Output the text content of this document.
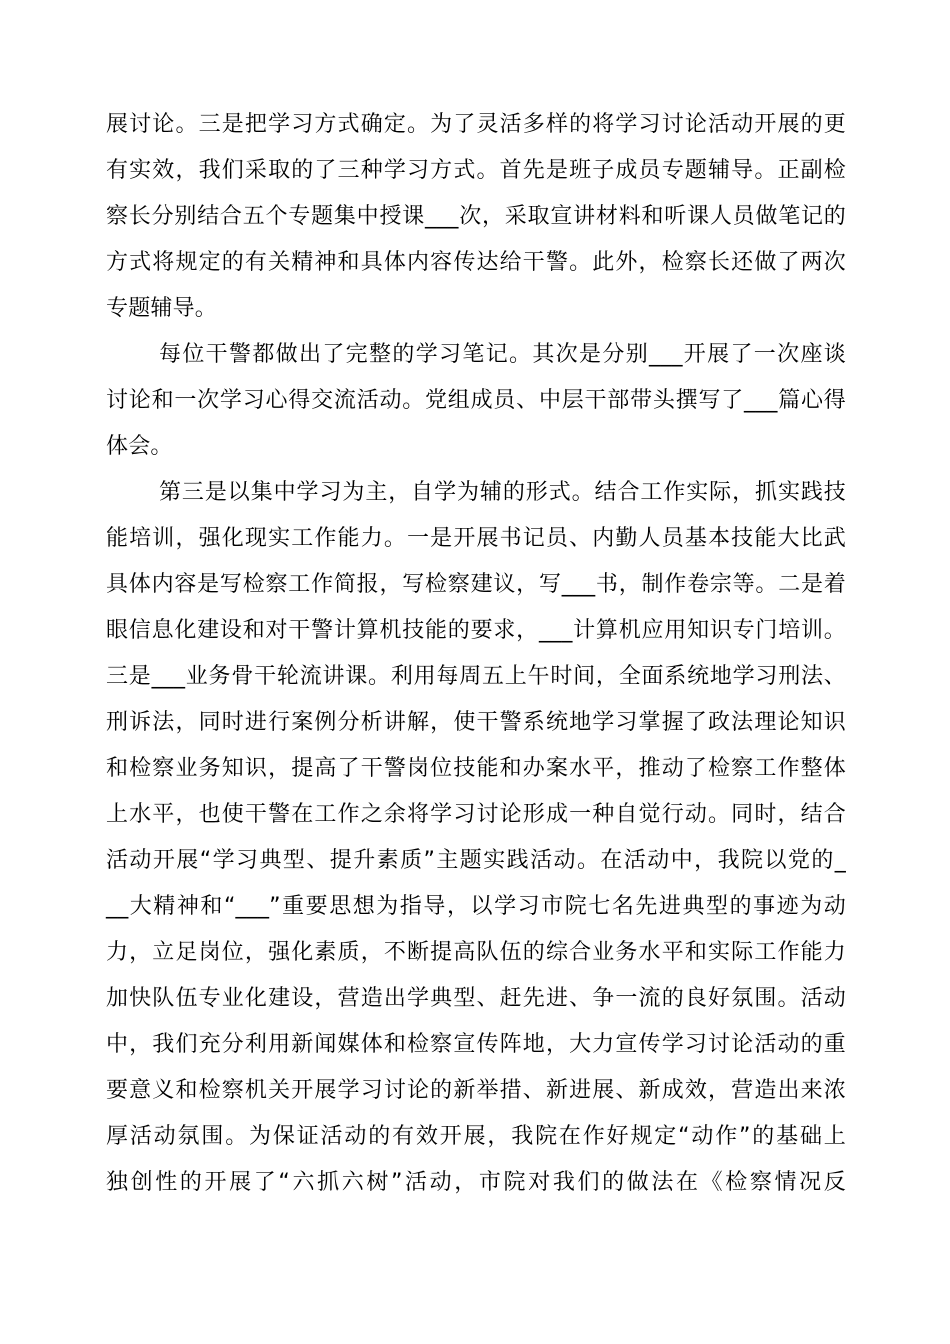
展讨论。三是把学习方式确定。为了灵活多样的将学习讨论活动开展的更
有实效，我们采取的了三种学习方式。首先是班子成员专题辅导。正副检
察长分别结合五个专题集中授课___次，采取宣讲材料和听课人员做笔记的
方式将规定的有关精神和具体内容传达给干警。此外，检察长还做了两次
专题辅导。
每位干警都做出了完整的学习笔记。其次是分别___开展了一次座谈
讨论和一次学习心得交流活动。党组成员、中层干部带头撰写了___篇心得
体会。
第三是以集中学习为主，自学为辅的形式。结合工作实际，抓实践技
能培训，强化现实工作能力。一是开展书记员、内勤人员基本技能大比武
具体内容是写检察工作简报，写检察建议，写___书，制作卷宗等。二是着
眼信息化建设和对干警计算机技能的要求，___计算机应用知识专门培训。
三是___业务骨干轮流讲课。利用每周五上午时间，全面系统地学习刑法、
刑诉法，同时进行案例分析讲解，使干警系统地学习掌握了政法理论知识
和检察业务知识，提高了干警岗位技能和办案水平，推动了检察工作整体
上水平，也使干警在工作之余将学习讨论形成一种自觉行动。同时，结合
活动开展“学习典型、提升素质”主题实践活动。在活动中，我院以党的_
__大精神和“___”重要思想为指导，以学习市院七名先进典型的事迹为动
力，立足岗位，强化素质，不断提高队伍的综合业务水平和实际工作能力
加快队伍专业化建设，营造出学典型、赶先进、争一流的良好氛围。活动
中，我们充分利用新闻媒体和检察宣传阵地，大力宣传学习讨论活动的重
要意义和检察机关开展学习讨论的新举措、新进展、新成效，营造出来浓
厚活动氛围。为保证活动的有效开展，我院在作好规定“动作”的基础上
独创性的开展了“六抓六树”活动，市院对我们的做法在《检察情况反
